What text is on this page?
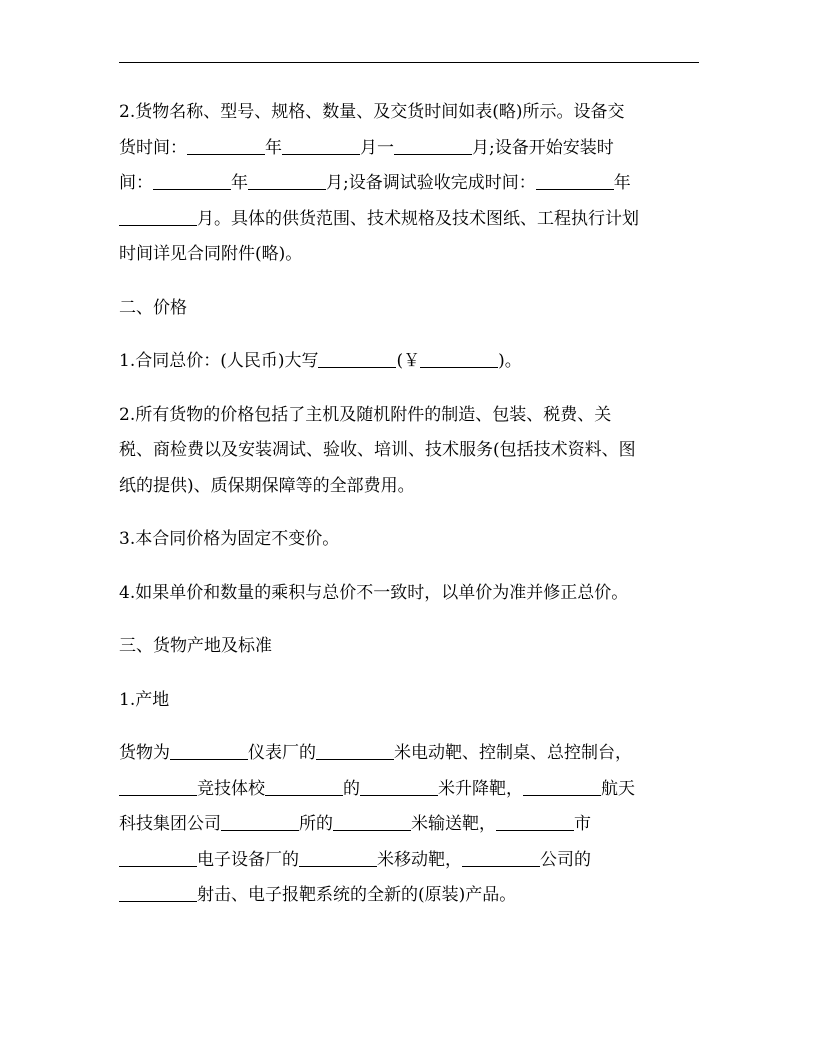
2.货物名称、型号、规格、数量、及交货时间如表(略)所示。设备交
货时间：	年	月一	月;设备开始安装时
间：	年	月;设备调试验收完成时间：	年
月。具体的供货范围、技术规格及技术图纸、工程执行计划
时间详见合同附件(略)。

二、价格

1.合同总价：(人民币)大写	(￥	)。

2.所有货物的价格包括了主机及随机附件的制造、包装、税费、关
税、商检费以及安装凋试、验收、培训、技术服务(包括技术资料、图
纸的提供)、质保期保障等的全部费用。

3.本合同价格为固定不变价。

4.如果单价和数量的乘积与总价不一致时，以单价为准并修正总价。

三、货物产地及标准

1.产地

货物为	仪表厂的	米电动靶、控制桌、总控制台，
竞技体校	的	米升降靶，	航天
科技集团公司	所的	米输送靶，	市
电子设备厂的	米移动靶，	公司的
射击、电子报靶系统的全新的(原装)产品。
